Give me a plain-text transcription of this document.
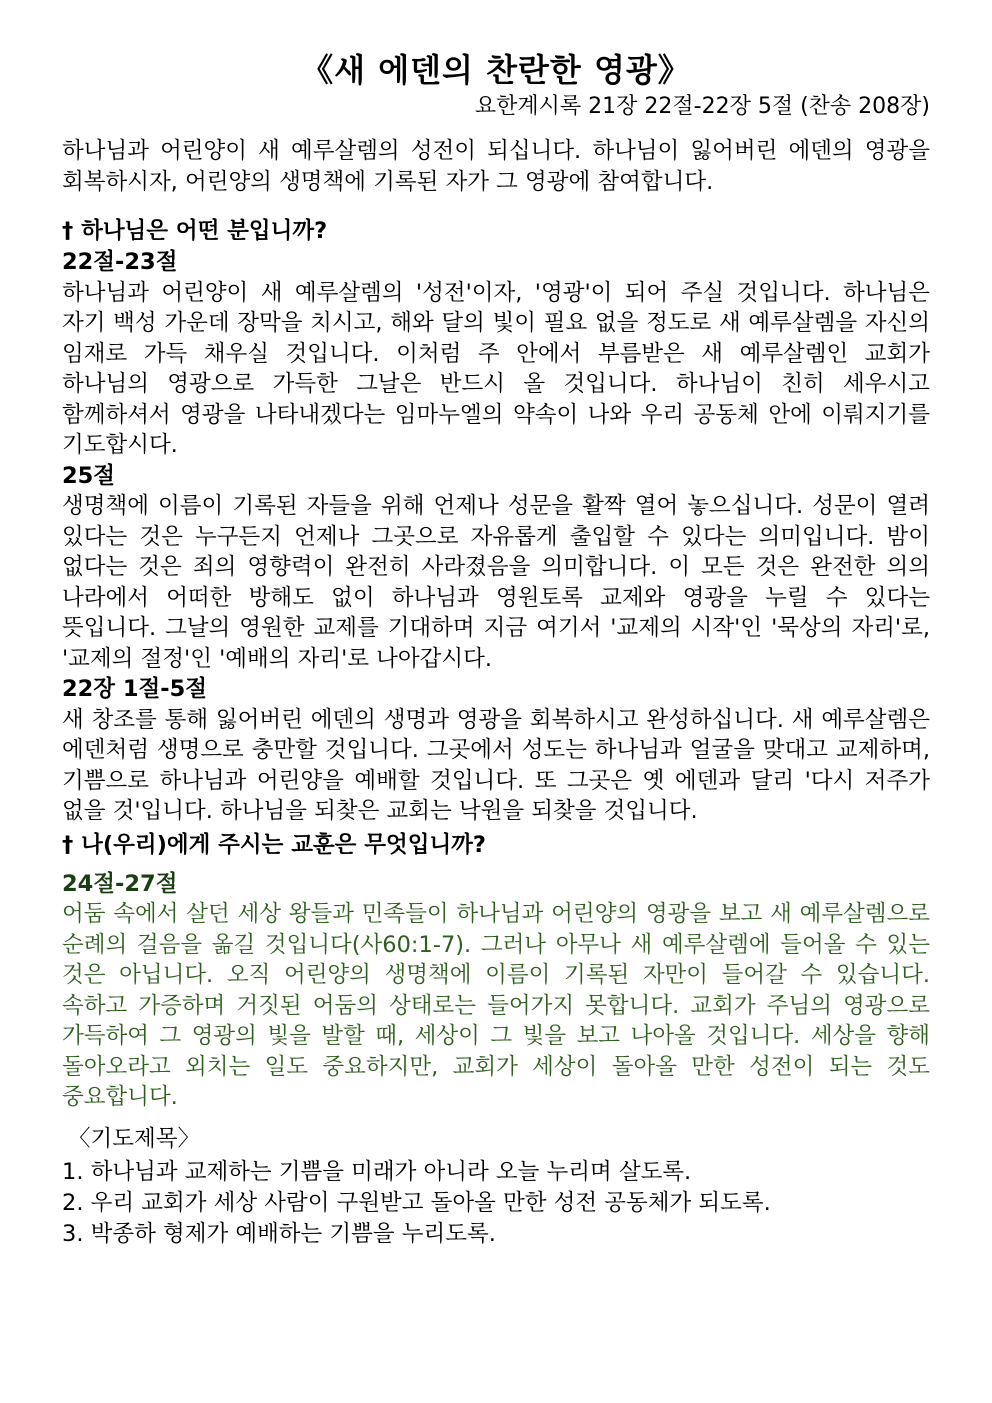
《새 에덴의 찬란한 영광》

요한계시록 21장 22절-22장 5절 (찬송 208장)

하나님과 어린양이 새 예루살렘의 성전이 되십니다. 하나님이 잃어버린 에덴의 영광을 회복하시자, 어린양의 생명책에 기록된 자가 그 영광에 참여합니다.

† 하나님은 어떤 분입니까?
22절-23절

하나님과 어린양이 새 예루살렘의 '성전'이자, '영광'이 되어 주실 것입니다. 하나님은 자기 백성 가운데 장막을 치시고, 해와 달의 빛이 필요 없을 정도로 새 예루살렘을 자신의 임재로 가득 채우실 것입니다. 이처럼 주 안에서 부름받은 새 예루살렘인 교회가 하나님의 영광으로 가득한 그날은 반드시 올 것입니다. 하나님이 친히 세우시고 함께하셔서 영광을 나타내겠다는 임마누엘의 약속이 나와 우리 공동체 안에 이뤄지기를 기도합시다.

25절

생명책에 이름이 기록된 자들을 위해 언제나 성문을 활짝 열어 놓으십니다. 성문이 열려 있다는 것은 누구든지 언제나 그곳으로 자유롭게 출입할 수 있다는 의미입니다. 밤이 없다는 것은 죄의 영향력이 완전히 사라졌음을 의미합니다. 이 모든 것은 완전한 의의 나라에서 어떠한 방해도 없이 하나님과 영원토록 교제와 영광을 누릴 수 있다는 뜻입니다. 그날의 영원한 교제를 기대하며 지금 여기서 '교제의 시작'인 '묵상의 자리'로, '교제의 절정'인 '예배의 자리'로 나아갑시다.

22장 1절-5절

새 창조를 통해 잃어버린 에덴의 생명과 영광을 회복하시고 완성하십니다. 새 예루살렘은 에덴처럼 생명으로 충만할 것입니다. 그곳에서 성도는 하나님과 얼굴을 맞대고 교제하며, 기쁨으로 하나님과 어린양을 예배할 것입니다. 또 그곳은 옛 에덴과 달리 '다시 저주가 없을 것'입니다. 하나님을 되찾은 교회는 낙원을 되찾을 것입니다.

† 나(우리)에게 주시는 교훈은 무엇입니까?
24절-27절

어둠 속에서 살던 세상 왕들과 민족들이 하나님과 어린양의 영광을 보고 새 예루살렘으로 순례의 걸음을 옮길 것입니다(사60:1-7). 그러나 아무나 새 예루살렘에 들어올 수 있는 것은 아닙니다. 오직 어린양의 생명책에 이름이 기록된 자만이 들어갈 수 있습니다. 속하고 가증하며 거짓된 어둠의 상태로는 들어가지 못합니다. 교회가 주님의 영광으로 가득하여 그 영광의 빛을 발할 때, 세상이 그 빛을 보고 나아올 것입니다. 세상을 향해 돌아오라고 외치는 일도 중요하지만, 교회가 세상이 돌아올 만한 성전이 되는 것도 중요합니다.

〈기도제목〉
1. 하나님과 교제하는 기쁨을 미래가 아니라 오늘 누리며 살도록.
2. 우리 교회가 세상 사람이 구원받고 돌아올 만한 성전 공동체가 되도록.
3. 박종하 형제가 예배하는 기쁨을 누리도록.
